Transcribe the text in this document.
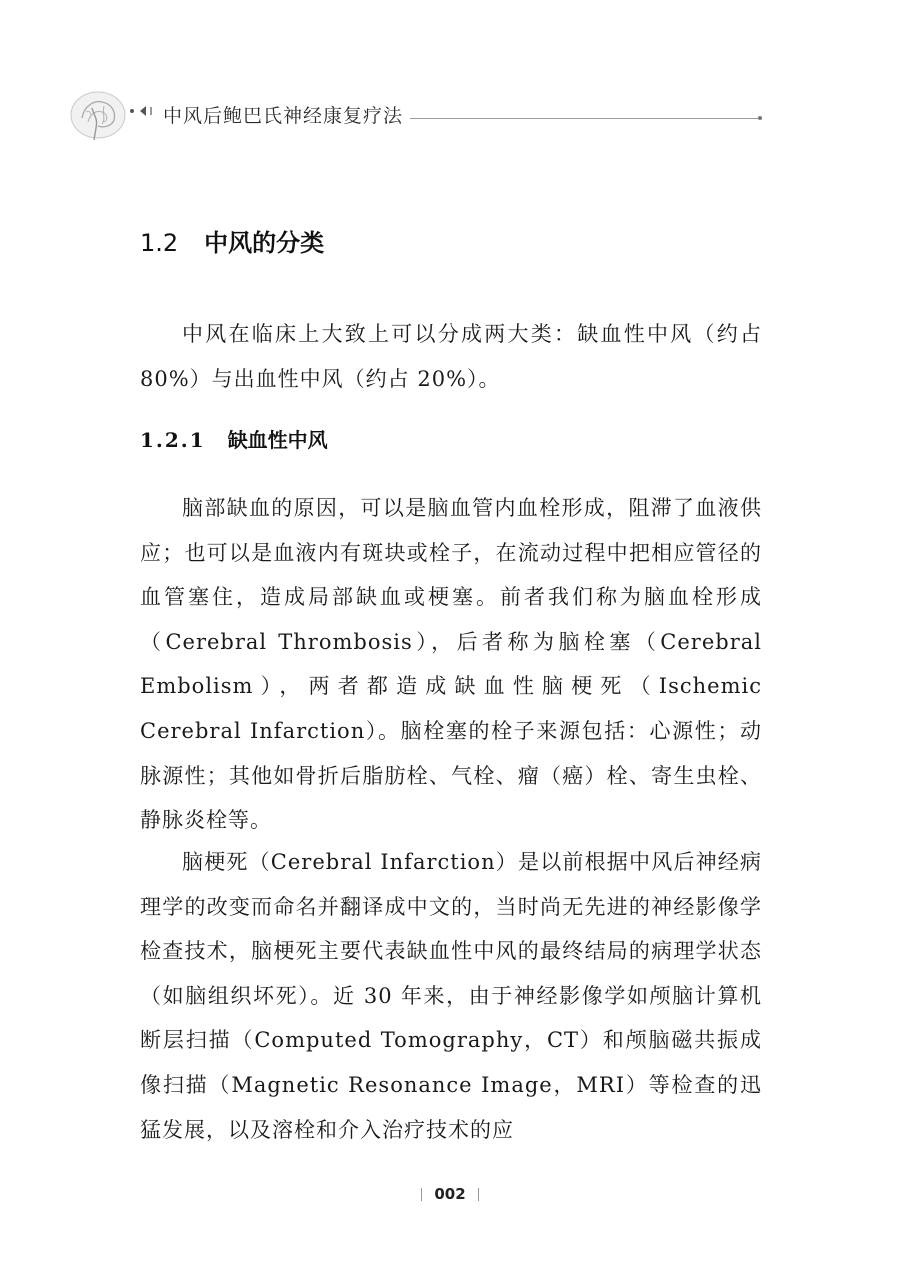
中风后鲍巴氏神经康复疗法
1.2 中风的分类

中风在临床上大致上可以分成两大类：缺血性中风（约占 80%）与出血性中风（约占 20%）。

1.2.1 缺血性中风

脑部缺血的原因，可以是脑血管内血栓形成，阻滞了血液供应；也可以是血液内有斑块或栓子，在流动过程中把相应管径的血管塞住，造成局部缺血或梗塞。前者我们称为脑血栓形成（Cerebral Thrombosis），后者称为脑栓塞（Cerebral Embolism），两者都造成缺血性脑梗死（Ischemic Cerebral Infarction）。脑栓塞的栓子来源包括：心源性；动脉源性；其他如骨折后脂肪栓、气栓、瘤（癌）栓、寄生虫栓、静脉炎栓等。

脑梗死（Cerebral Infarction）是以前根据中风后神经病理学的改变而命名并翻译成中文的，当时尚无先进的神经影像学检查技术，脑梗死主要代表缺血性中风的最终结局的病理学状态（如脑组织坏死）。近 30 年来，由于神经影像学如颅脑计算机断层扫描（Computed Tomography，CT）和颅脑磁共振成像扫描（Magnetic Resonance Image，MRI）等检查的迅猛发展，以及溶栓和介入治疗技术的应

002
